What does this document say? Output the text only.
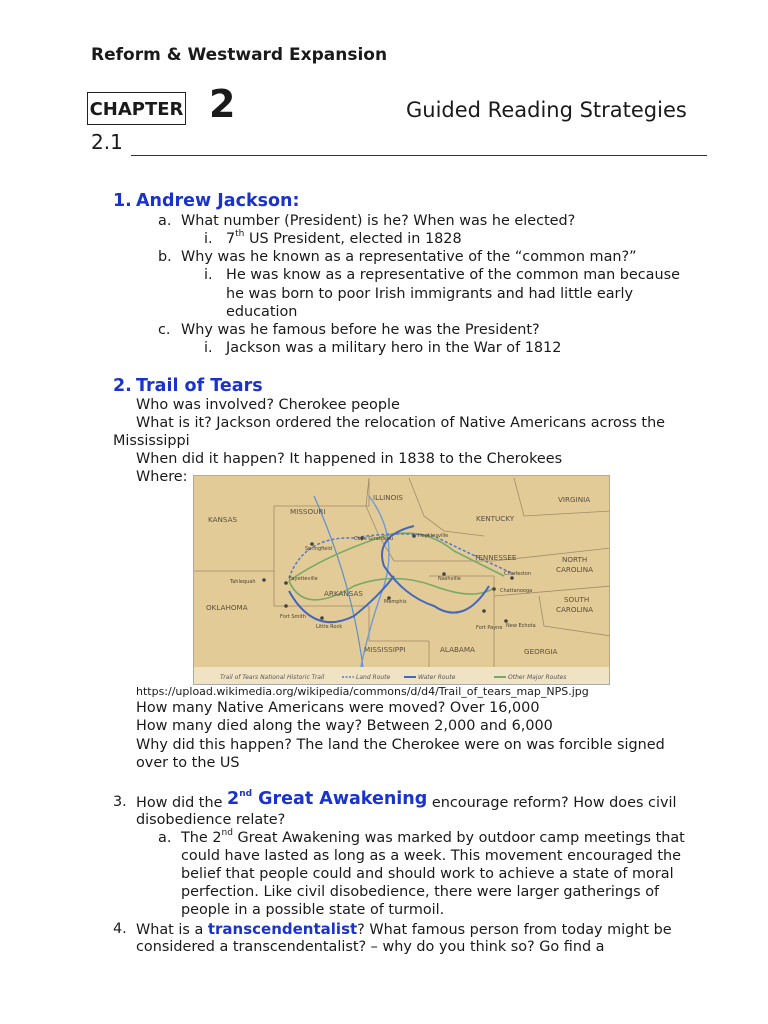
Reform & Westward Expansion
CHAPTER 2	Guided Reading Strategies
2.1
1. Andrew Jackson:
a. What number (President) is he? When was he elected?
i. 7th US President, elected in 1828
b. Why was he known as a representative of the “common man?”
i. He was know as a representative of the common man because
he was born to poor Irish immigrants and had little early
education
c. Why was he famous before he was the President?
i. Jackson was a military hero in the War of 1812
2. Trail of Tears
Who was involved? Cherokee people
What is it? Jackson ordered the relocation of Native Americans across the
Mississippi
When did it happen? It happened in 1838 to the Cherokees
Where:
ILLINOIS	VIRGINIA
KANSAS
MISSOURI
KENTUCKY
TENNESSEE	NORTH
CAROLINA
ARKANSAS
OKLAHOMA
SOUTH
CAROLINA
MISSISSIPPI	ALABAMA	GEORGIA
Hopkinsville
Springfield
Cape Girardeau
Nashville
Charleston
Chattanooga
Tahlequah	Fayetteville
Fort Smith
Little Rock
Memphis
Fort Payne New Echota
Trail of Tears National Historic Trail	Land Route	Water Route	Other Major Routes
https://upload.wikimedia.org/wikipedia/commons/d/d4/Trail_of_tears_map_NPS.jpg
How many Native Americans were moved? Over 16,000
How many died along the way? Between 2,000 and 6,000
Why did this happen? The land the Cherokee were on was forcible signed
over to the US
3. How did the 2nd Great Awakening encourage reform? How does civil
disobedience relate?
a. The 2nd Great Awakening was marked by outdoor camp meetings that
could have lasted as long as a week. This movement encouraged the
belief that people could and should work to achieve a state of moral
perfection. Like civil disobedience, there were larger gatherings of
people in a possible state of turmoil.
4. What is a transcendentalist? What famous person from today might be
considered a transcendentalist? – why do you think so? Go find a
